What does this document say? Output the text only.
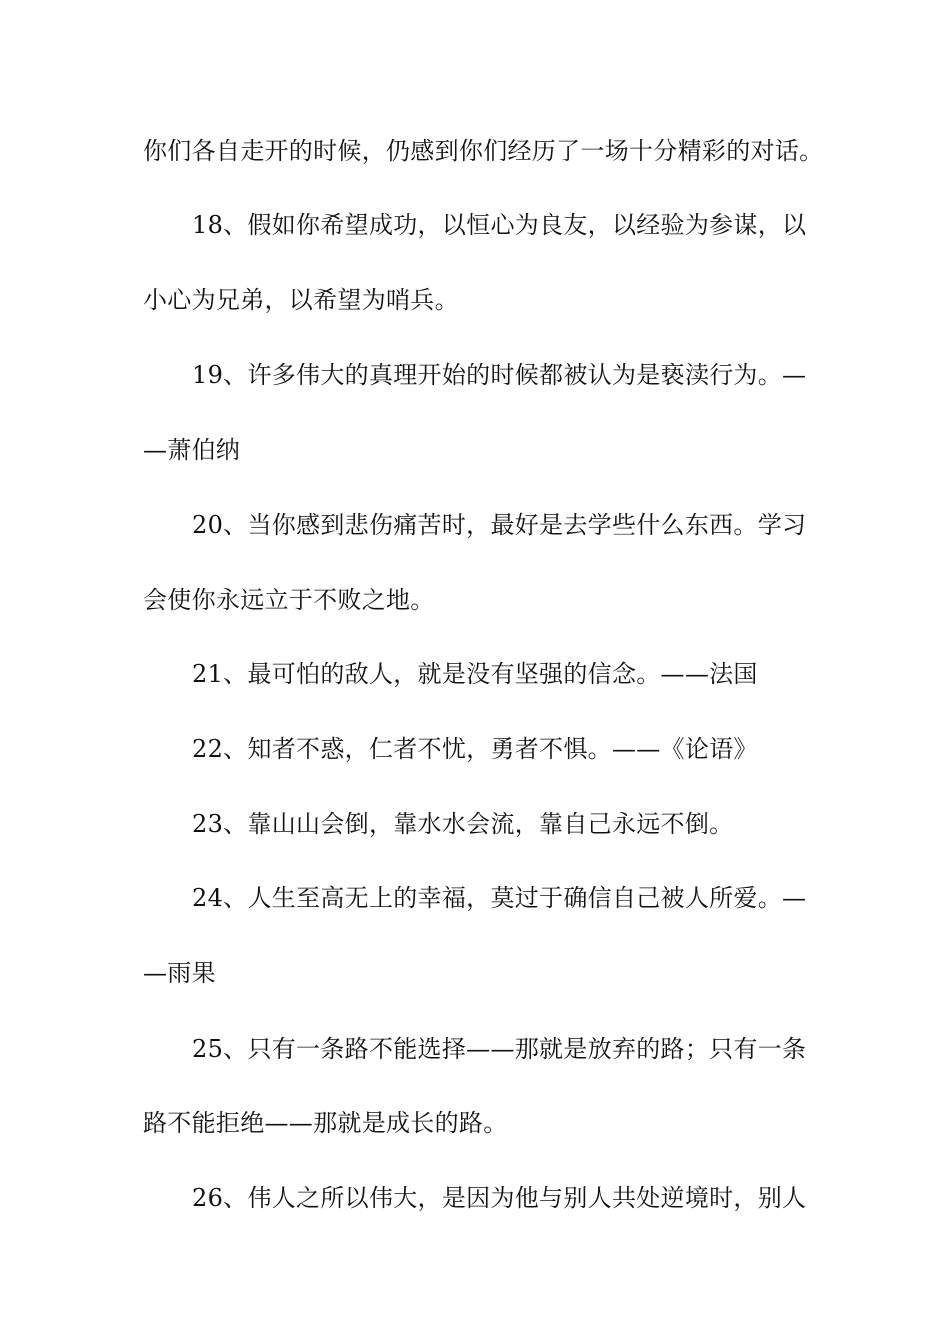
你们各自走开的时候，仍感到你们经历了一场十分精彩的对话。
18、假如你希望成功，以恒心为良友，以经验为参谋，以
小心为兄弟，以希望为哨兵。
19、许多伟大的真理开始的时候都被认为是亵渎行为。—
—萧伯纳
20、当你感到悲伤痛苦时，最好是去学些什么东西。学习
会使你永远立于不败之地。
21、最可怕的敌人，就是没有坚强的信念。——法国
22、知者不惑，仁者不忧，勇者不惧。——《论语》
23、靠山山会倒，靠水水会流，靠自己永远不倒。
24、人生至高无上的幸福，莫过于确信自己被人所爱。—
—雨果
25、只有一条路不能选择——那就是放弃的路；只有一条
路不能拒绝——那就是成长的路。
26、伟人之所以伟大，是因为他与别人共处逆境时，别人
